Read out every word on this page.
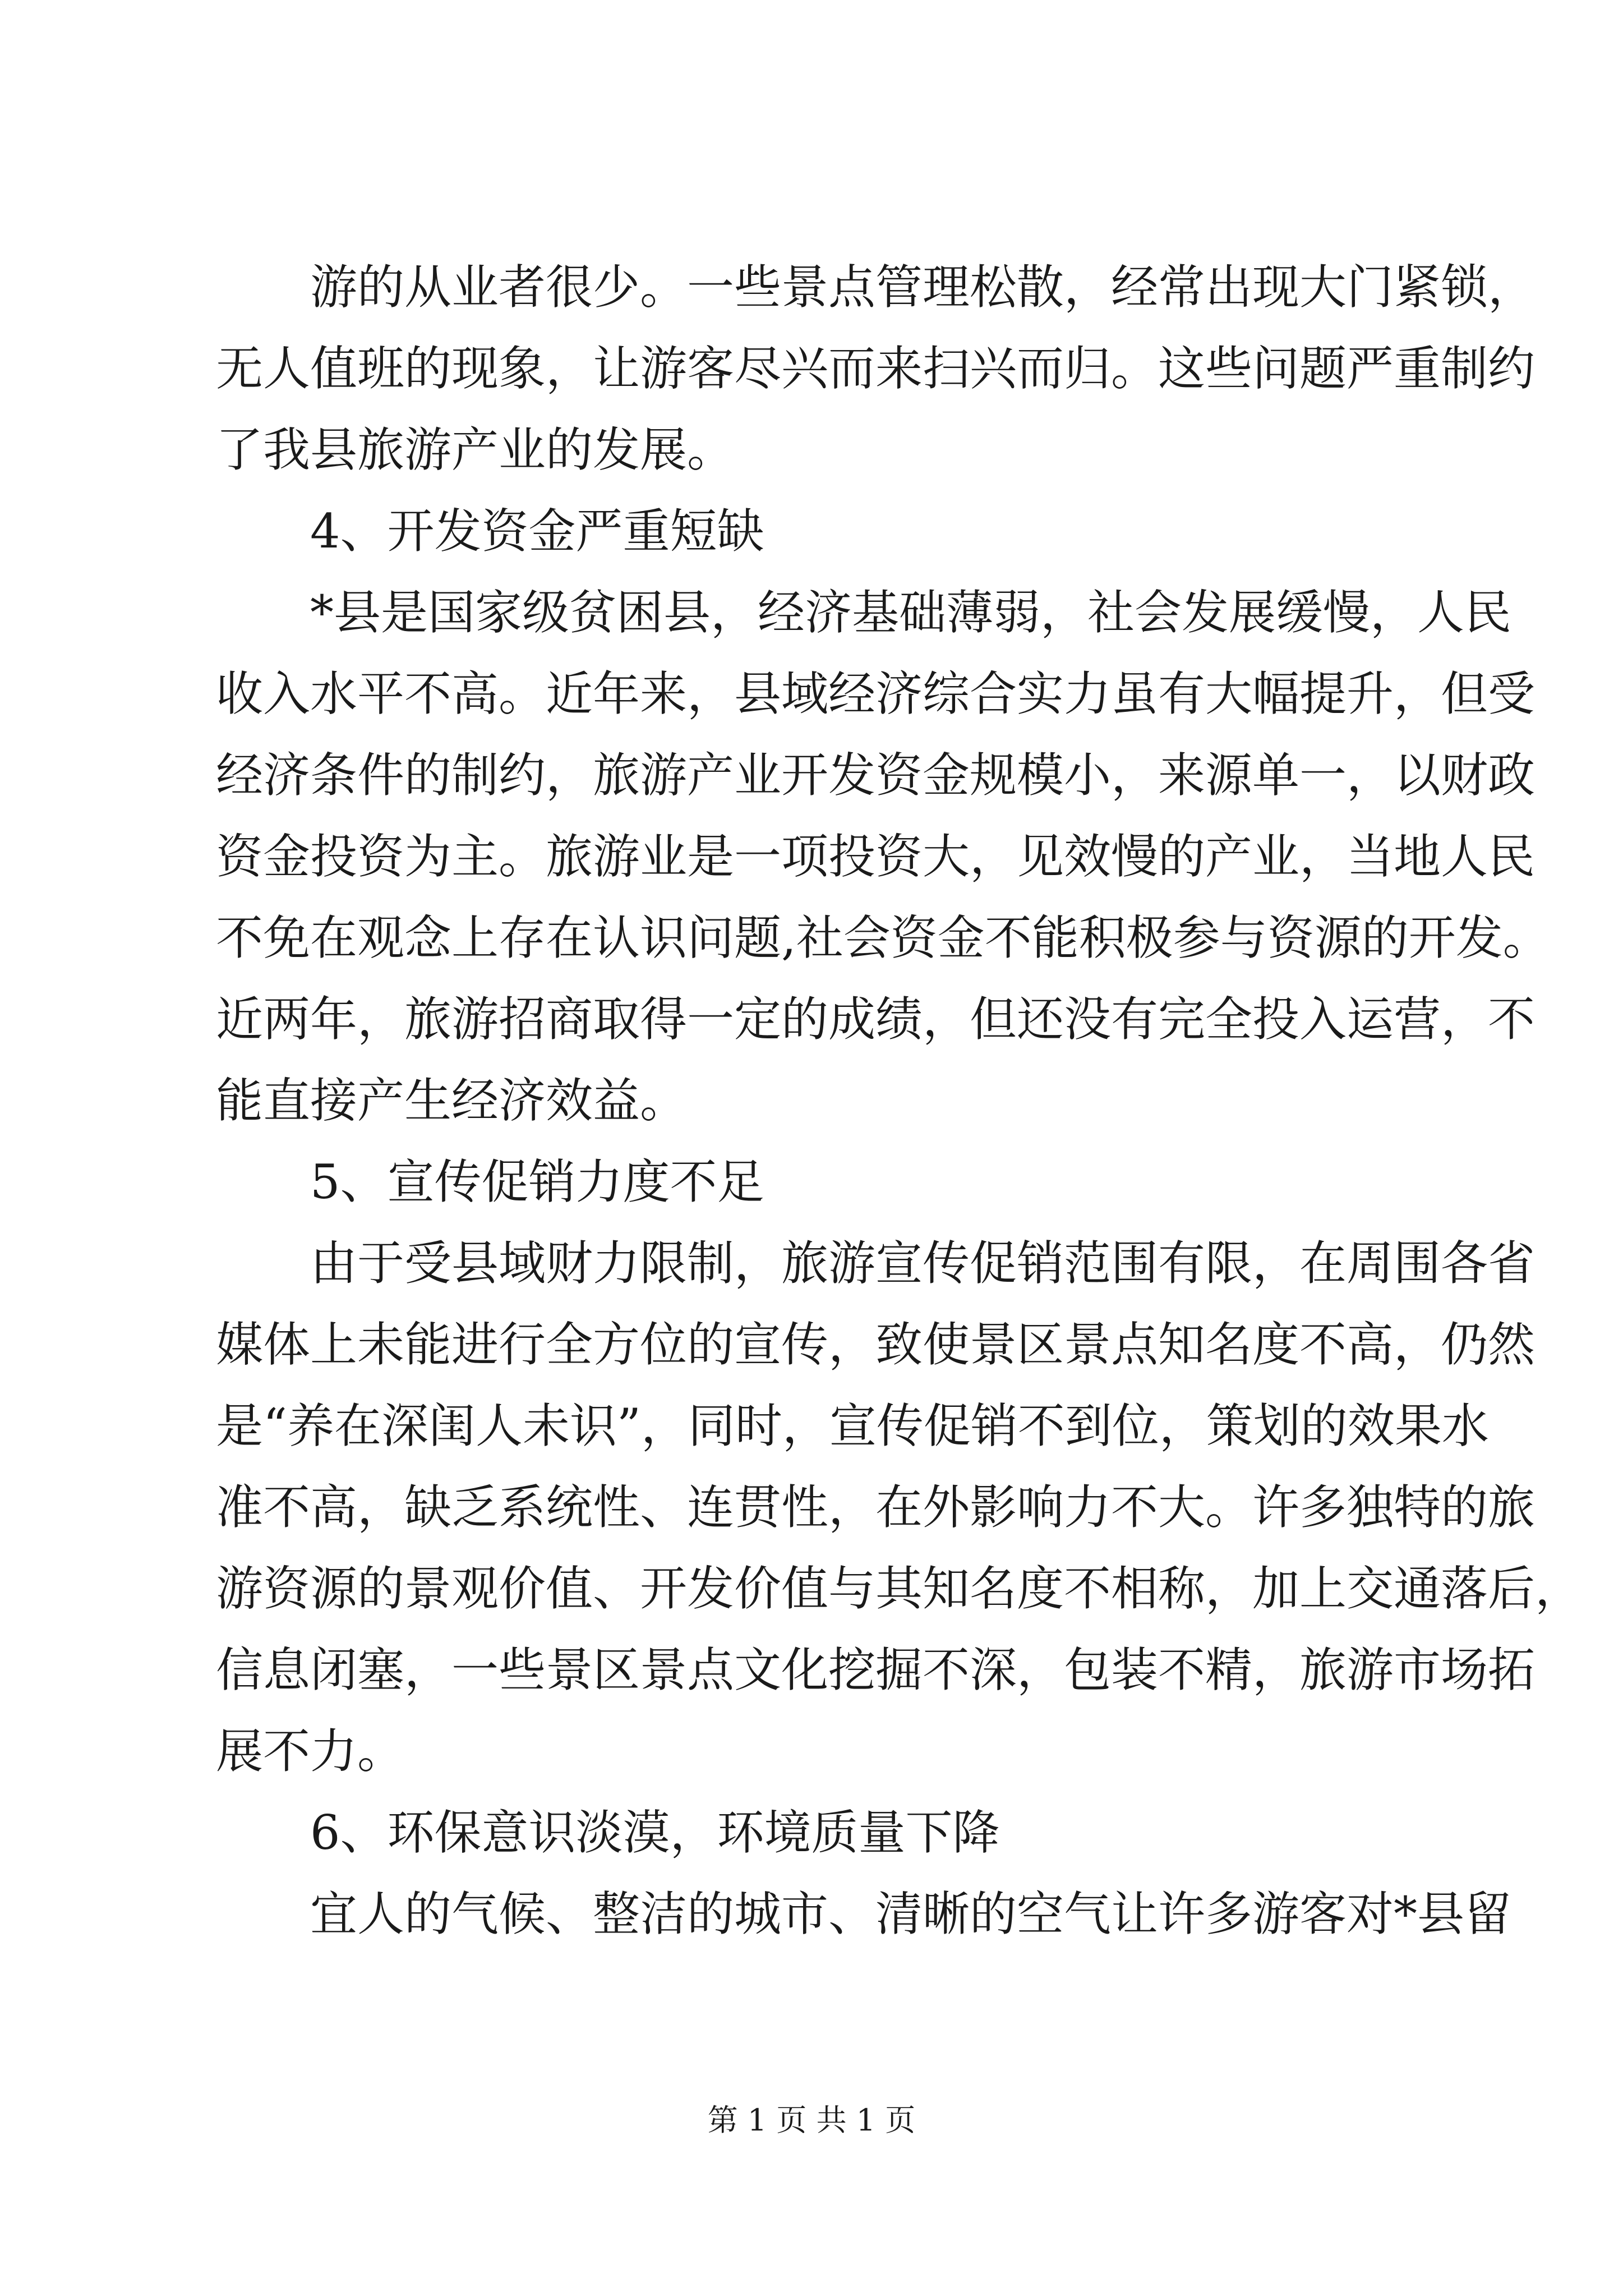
游的从业者很少。一些景点管理松散，经常出现大门紧锁，
无人值班的现象，让游客尽兴而来扫兴而归。这些问题严重制约
了我县旅游产业的发展。
4、开发资金严重短缺
*县是国家级贫困县，经济基础薄弱，社会发展缓慢，人民
收入水平不高。近年来，县域经济综合实力虽有大幅提升，但受
经济条件的制约，旅游产业开发资金规模小，来源单一，以财政
资金投资为主。旅游业是一项投资大，见效慢的产业，当地人民
不免在观念上存在认识问题,社会资金不能积极参与资源的开发。
近两年，旅游招商取得一定的成绩，但还没有完全投入运营，不
能直接产生经济效益。
5、宣传促销力度不足
由于受县域财力限制，旅游宣传促销范围有限，在周围各省
媒体上未能进行全方位的宣传，致使景区景点知名度不高，仍然
是“养在深闺人未识”，同时，宣传促销不到位，策划的效果水
准不高，缺乏系统性、连贯性，在外影响力不大。许多独特的旅
游资源的景观价值、开发价值与其知名度不相称，加上交通落后，
信息闭塞，一些景区景点文化挖掘不深，包装不精，旅游市场拓
展不力。
6、环保意识淡漠，环境质量下降
宜人的气候、整洁的城市、清晰的空气让许多游客对*县留
第 1 页 共 1 页
